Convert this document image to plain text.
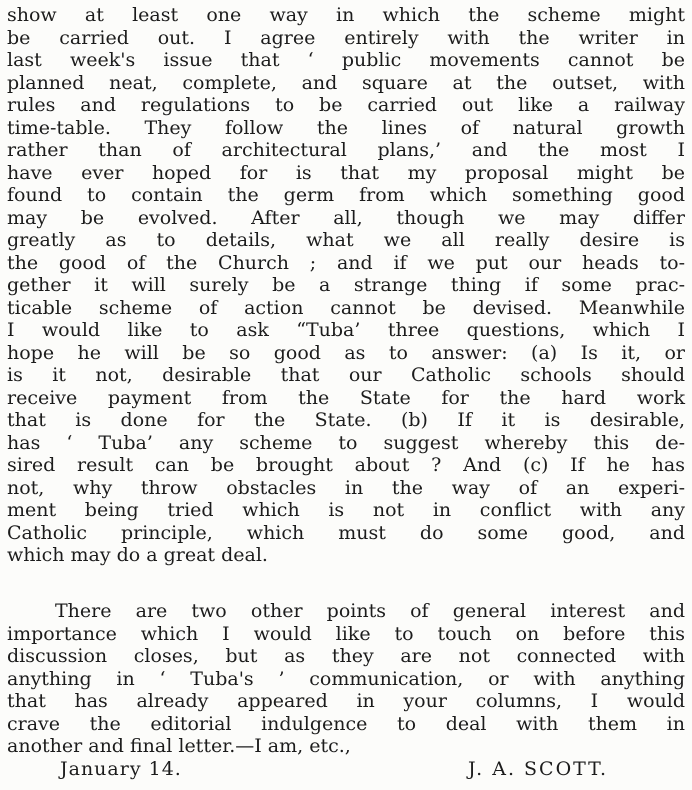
show at least one way in which the scheme might
be carried out. I agree entirely with the writer in
last week's issue that ‘ public movements cannot be
planned neat, complete, and square at the outset, with
rules and regulations to be carried out like a railway
time-table. They follow the lines of natural growth
rather than of architectural plans,’ and the most I
have ever hoped for is that my proposal might be
found to contain the germ from which something good
may be evolved. After all, though we may differ
greatly as to details, what we all really desire is
the good of the Church ; and if we put our heads to-
gether it will surely be a strange thing if some prac-
ticable scheme of action cannot be devised. Meanwhile
I would like to ask “Tuba’ three questions, which I
hope he will be so good as to answer: (a) Is it, or
is it not, desirable that our Catholic schools should
receive payment from the State for the hard work
that is done for the State. (b) If it is desirable,
has ‘ Tuba’ any scheme to suggest whereby this de-
sired result can be brought about ? And (c) If he has
not, why throw obstacles in the way of an experi-
ment being tried which is not in conflict with any
Catholic principle, which must do some good, and
which may do a great deal.
There are two other points of general interest and
importance which I would like to touch on before this
discussion closes, but as they are not connected with
anything in ‘ Tuba's ’ communication, or with anything
that has already appeared in your columns, I would
crave the editorial indulgence to deal with them in
another and final letter.—I am, etc.,
January 14.	J. A. SCOTT.
